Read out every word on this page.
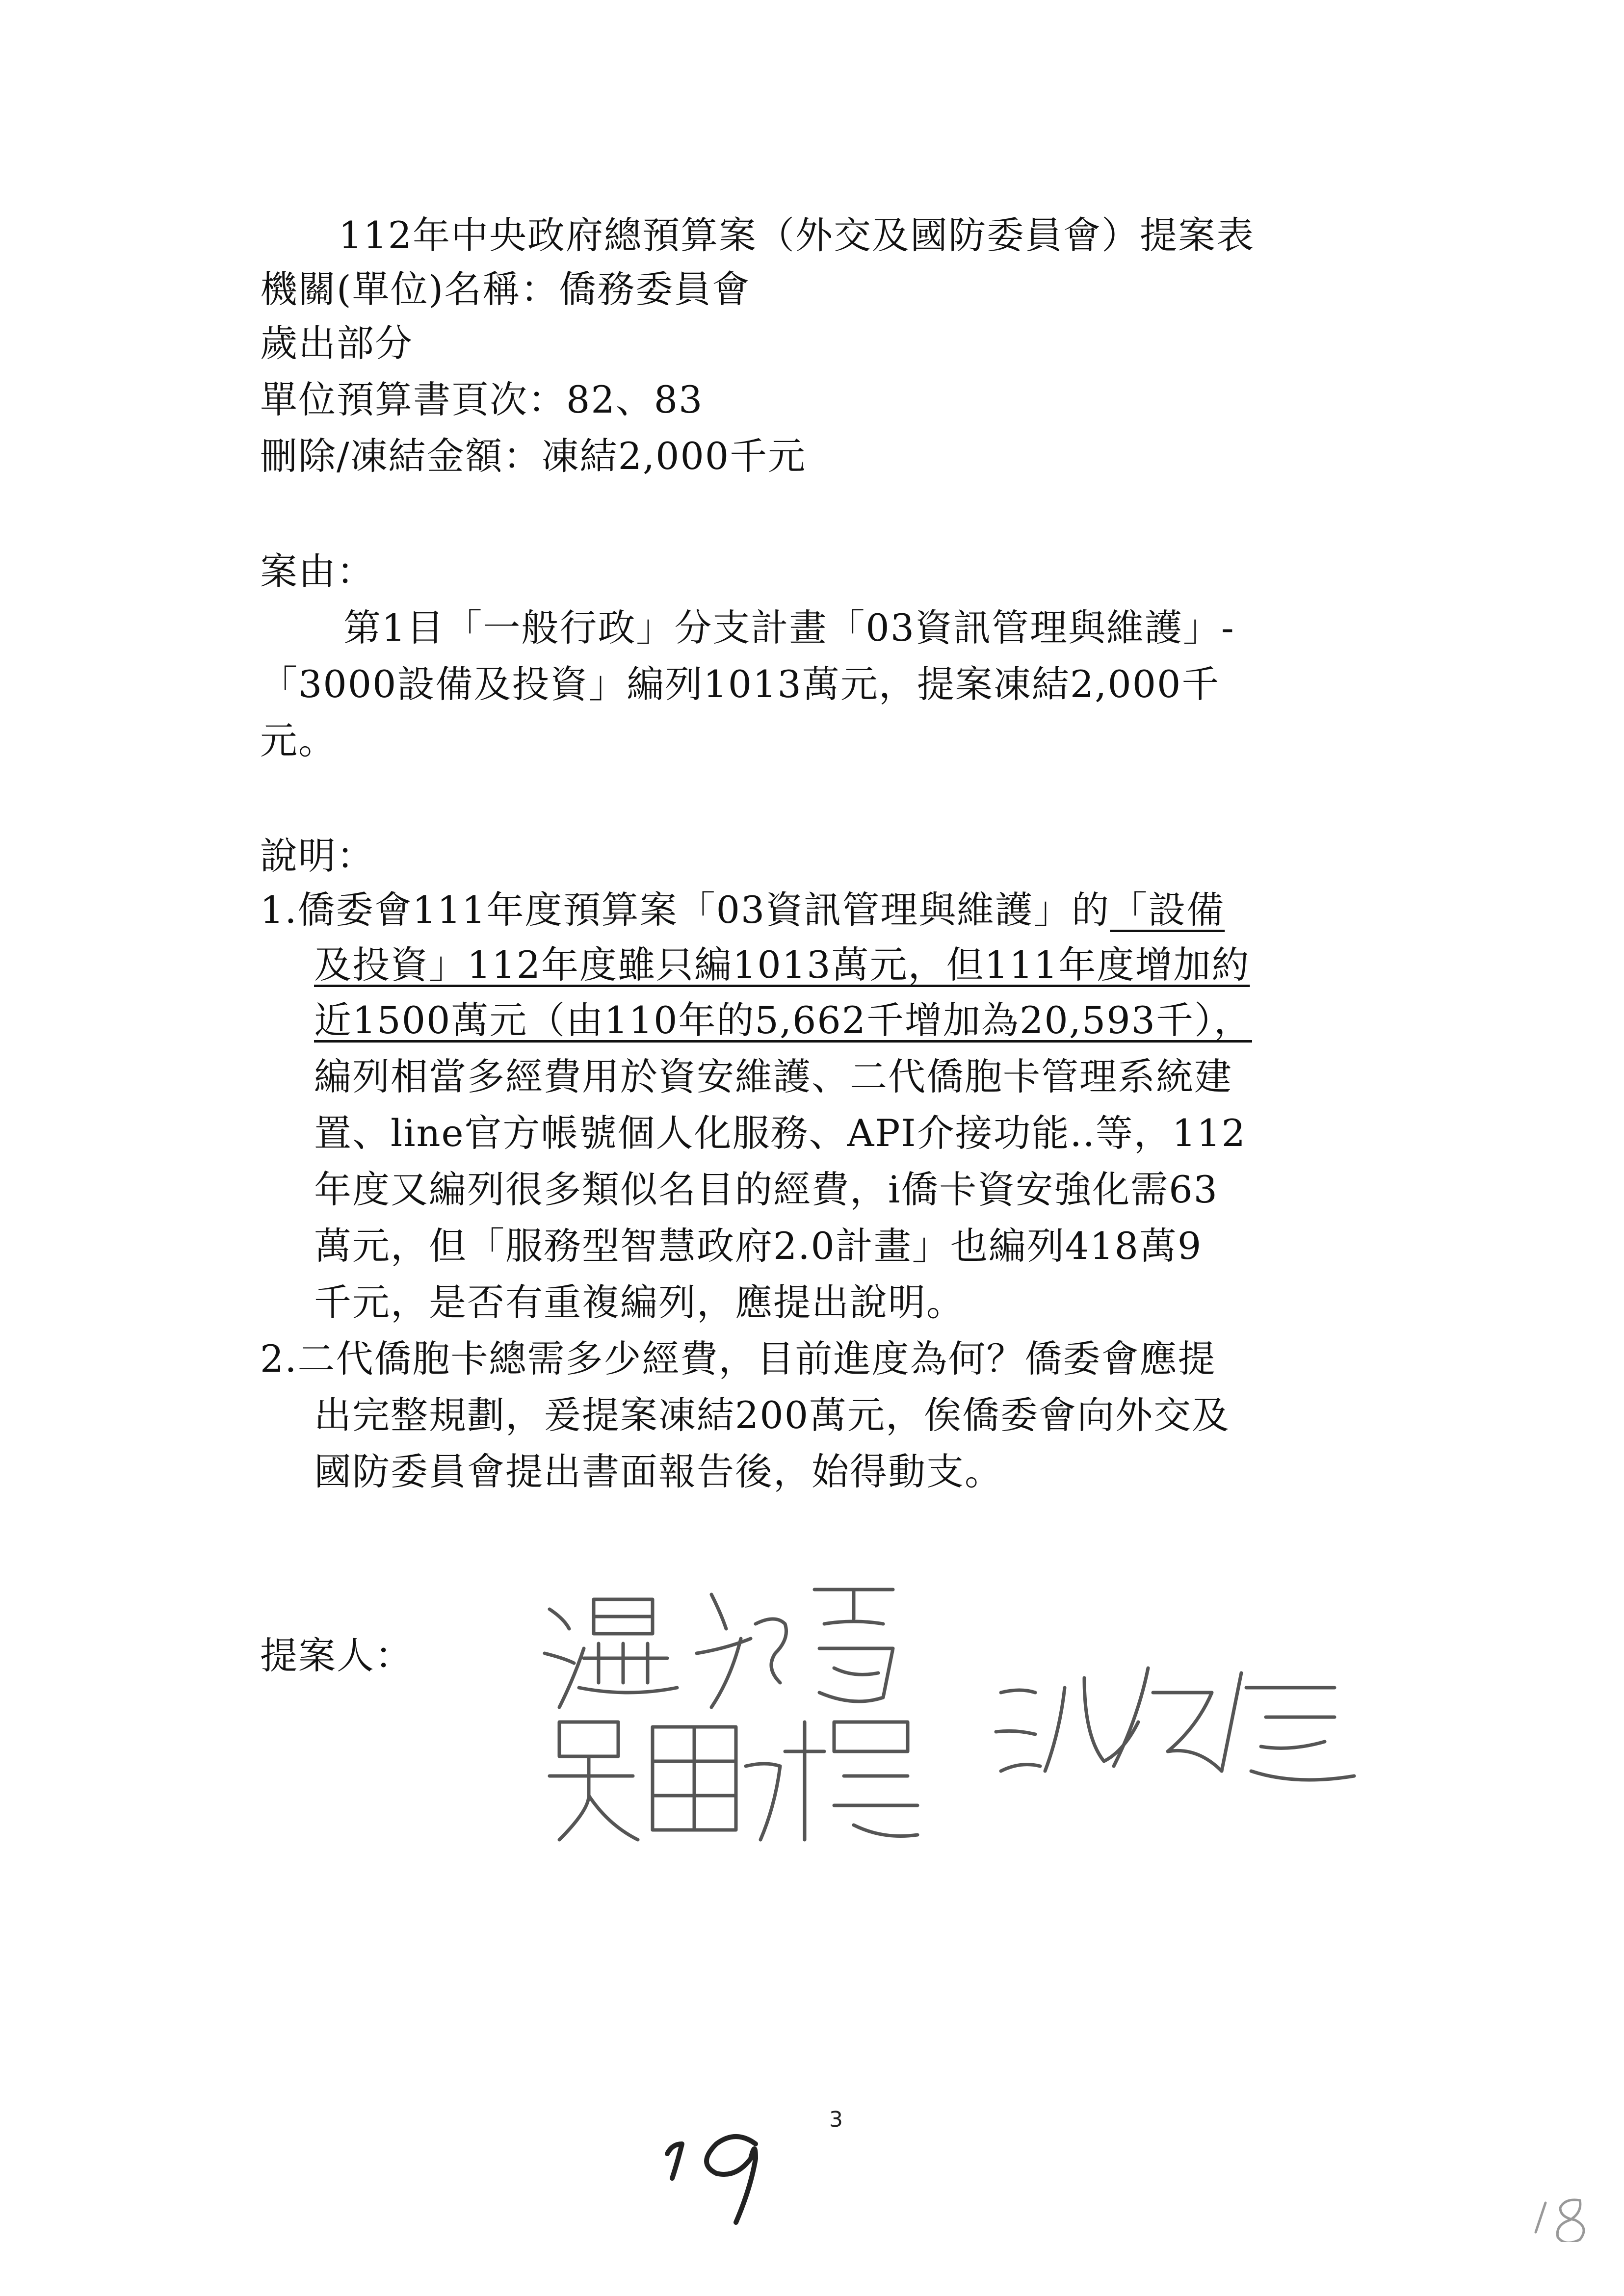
112年中央政府總預算案（外交及國防委員會）提案表
機關(單位)名稱：僑務委員會
歲出部分
單位預算書頁次：82、83
刪除/凍結金額：凍結2,000千元
案由：
第1目「一般行政」分支計畫「03資訊管理與維護」-
「3000設備及投資」編列1013萬元，提案凍結2,000千
元。
說明：
1.僑委會111年度預算案「03資訊管理與維護」的「設備
及投資」112年度雖只編1013萬元，但111年度增加約
近1500萬元（由110年的5,662千增加為20,593千），
編列相當多經費用於資安維護、二代僑胞卡管理系統建
置、line官方帳號個人化服務、API介接功能..等，112
年度又編列很多類似名目的經費，i僑卡資安強化需63
萬元，但「服務型智慧政府2.0計畫」也編列418萬9
千元，是否有重複編列，應提出說明。
2.二代僑胞卡總需多少經費，目前進度為何？僑委會應提
出完整規劃，爰提案凍結200萬元，俟僑委會向外交及
國防委員會提出書面報告後，始得動支。
提案人：
3
